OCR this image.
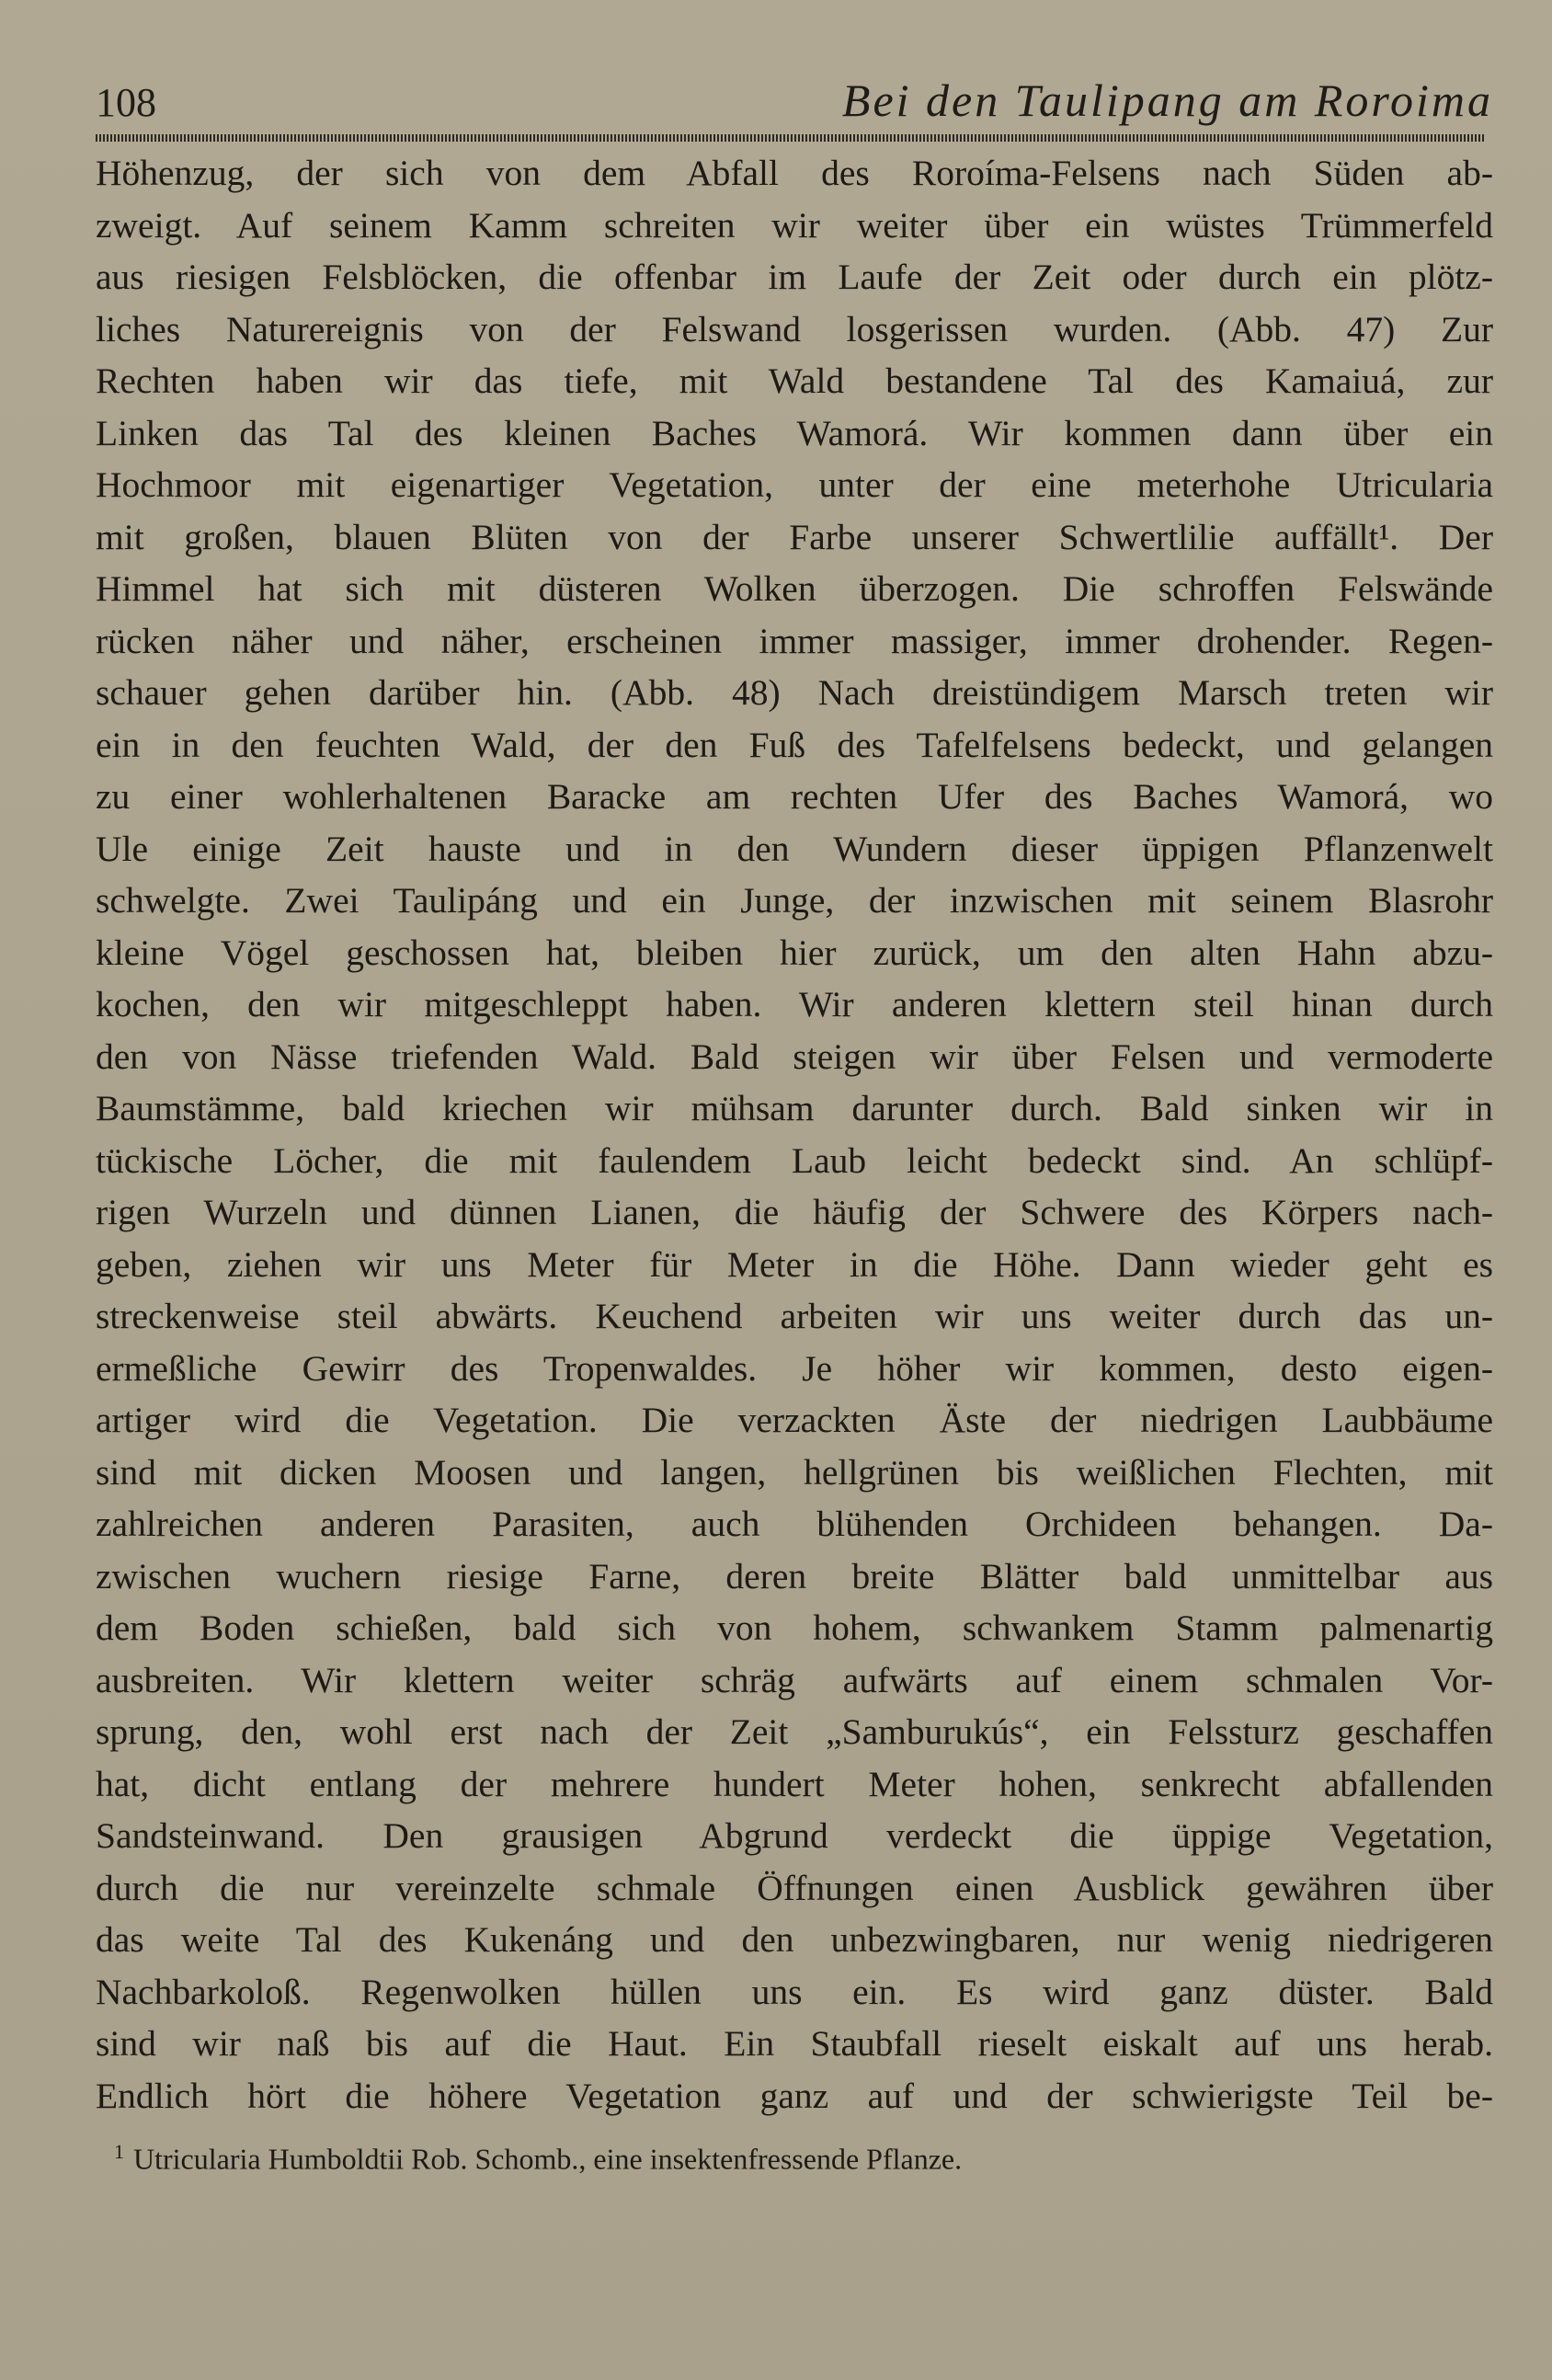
108	Bei den Taulipang am Roroima
Höhenzug, der sich von dem Abfall des Roroíma-Felsens nach Süden ab-
zweigt. Auf seinem Kamm schreiten wir weiter über ein wüstes Trümmerfeld
aus riesigen Felsblöcken, die offenbar im Laufe der Zeit oder durch ein plötz-
liches Naturereignis von der Felswand losgerissen wurden. (Abb. 47) Zur
Rechten haben wir das tiefe, mit Wald bestandene Tal des Kamaiuá, zur
Linken das Tal des kleinen Baches Wamorá. Wir kommen dann über ein
Hochmoor mit eigenartiger Vegetation, unter der eine meterhohe Utricularia
mit großen, blauen Blüten von der Farbe unserer Schwertlilie auffällt¹. Der
Himmel hat sich mit düsteren Wolken überzogen. Die schroffen Felswände
rücken näher und näher, erscheinen immer massiger, immer drohender. Regen-
schauer gehen darüber hin. (Abb. 48) Nach dreistündigem Marsch treten wir
ein in den feuchten Wald, der den Fuß des Tafelfelsens bedeckt, und gelangen
zu einer wohlerhaltenen Baracke am rechten Ufer des Baches Wamorá, wo
Ule einige Zeit hauste und in den Wundern dieser üppigen Pflanzenwelt
schwelgte. Zwei Taulipáng und ein Junge, der inzwischen mit seinem Blasrohr
kleine Vögel geschossen hat, bleiben hier zurück, um den alten Hahn abzu-
kochen, den wir mitgeschleppt haben. Wir anderen klettern steil hinan durch
den von Nässe triefenden Wald. Bald steigen wir über Felsen und vermoderte
Baumstämme, bald kriechen wir mühsam darunter durch. Bald sinken wir in
tückische Löcher, die mit faulendem Laub leicht bedeckt sind. An schlüpf-
rigen Wurzeln und dünnen Lianen, die häufig der Schwere des Körpers nach-
geben, ziehen wir uns Meter für Meter in die Höhe. Dann wieder geht es
streckenweise steil abwärts. Keuchend arbeiten wir uns weiter durch das un-
ermeßliche Gewirr des Tropenwaldes. Je höher wir kommen, desto eigen-
artiger wird die Vegetation. Die verzackten Äste der niedrigen Laubbäume
sind mit dicken Moosen und langen, hellgrünen bis weißlichen Flechten, mit
zahlreichen anderen Parasiten, auch blühenden Orchideen behangen. Da-
zwischen wuchern riesige Farne, deren breite Blätter bald unmittelbar aus
dem Boden schießen, bald sich von hohem, schwankem Stamm palmenartig
ausbreiten. Wir klettern weiter schräg aufwärts auf einem schmalen Vor-
sprung, den, wohl erst nach der Zeit „Samburukús“, ein Felssturz geschaffen
hat, dicht entlang der mehrere hundert Meter hohen, senkrecht abfallenden
Sandsteinwand. Den grausigen Abgrund verdeckt die üppige Vegetation,
durch die nur vereinzelte schmale Öffnungen einen Ausblick gewähren über
das weite Tal des Kukenáng und den unbezwingbaren, nur wenig niedrigeren
Nachbarkoloß. Regenwolken hüllen uns ein. Es wird ganz düster. Bald
sind wir naß bis auf die Haut. Ein Staubfall rieselt eiskalt auf uns herab.
Endlich hört die höhere Vegetation ganz auf und der schwierigste Teil be-
$^1$ Utricularia Humboldtii Rob. Schomb., eine insektenfressende Pflanze.
